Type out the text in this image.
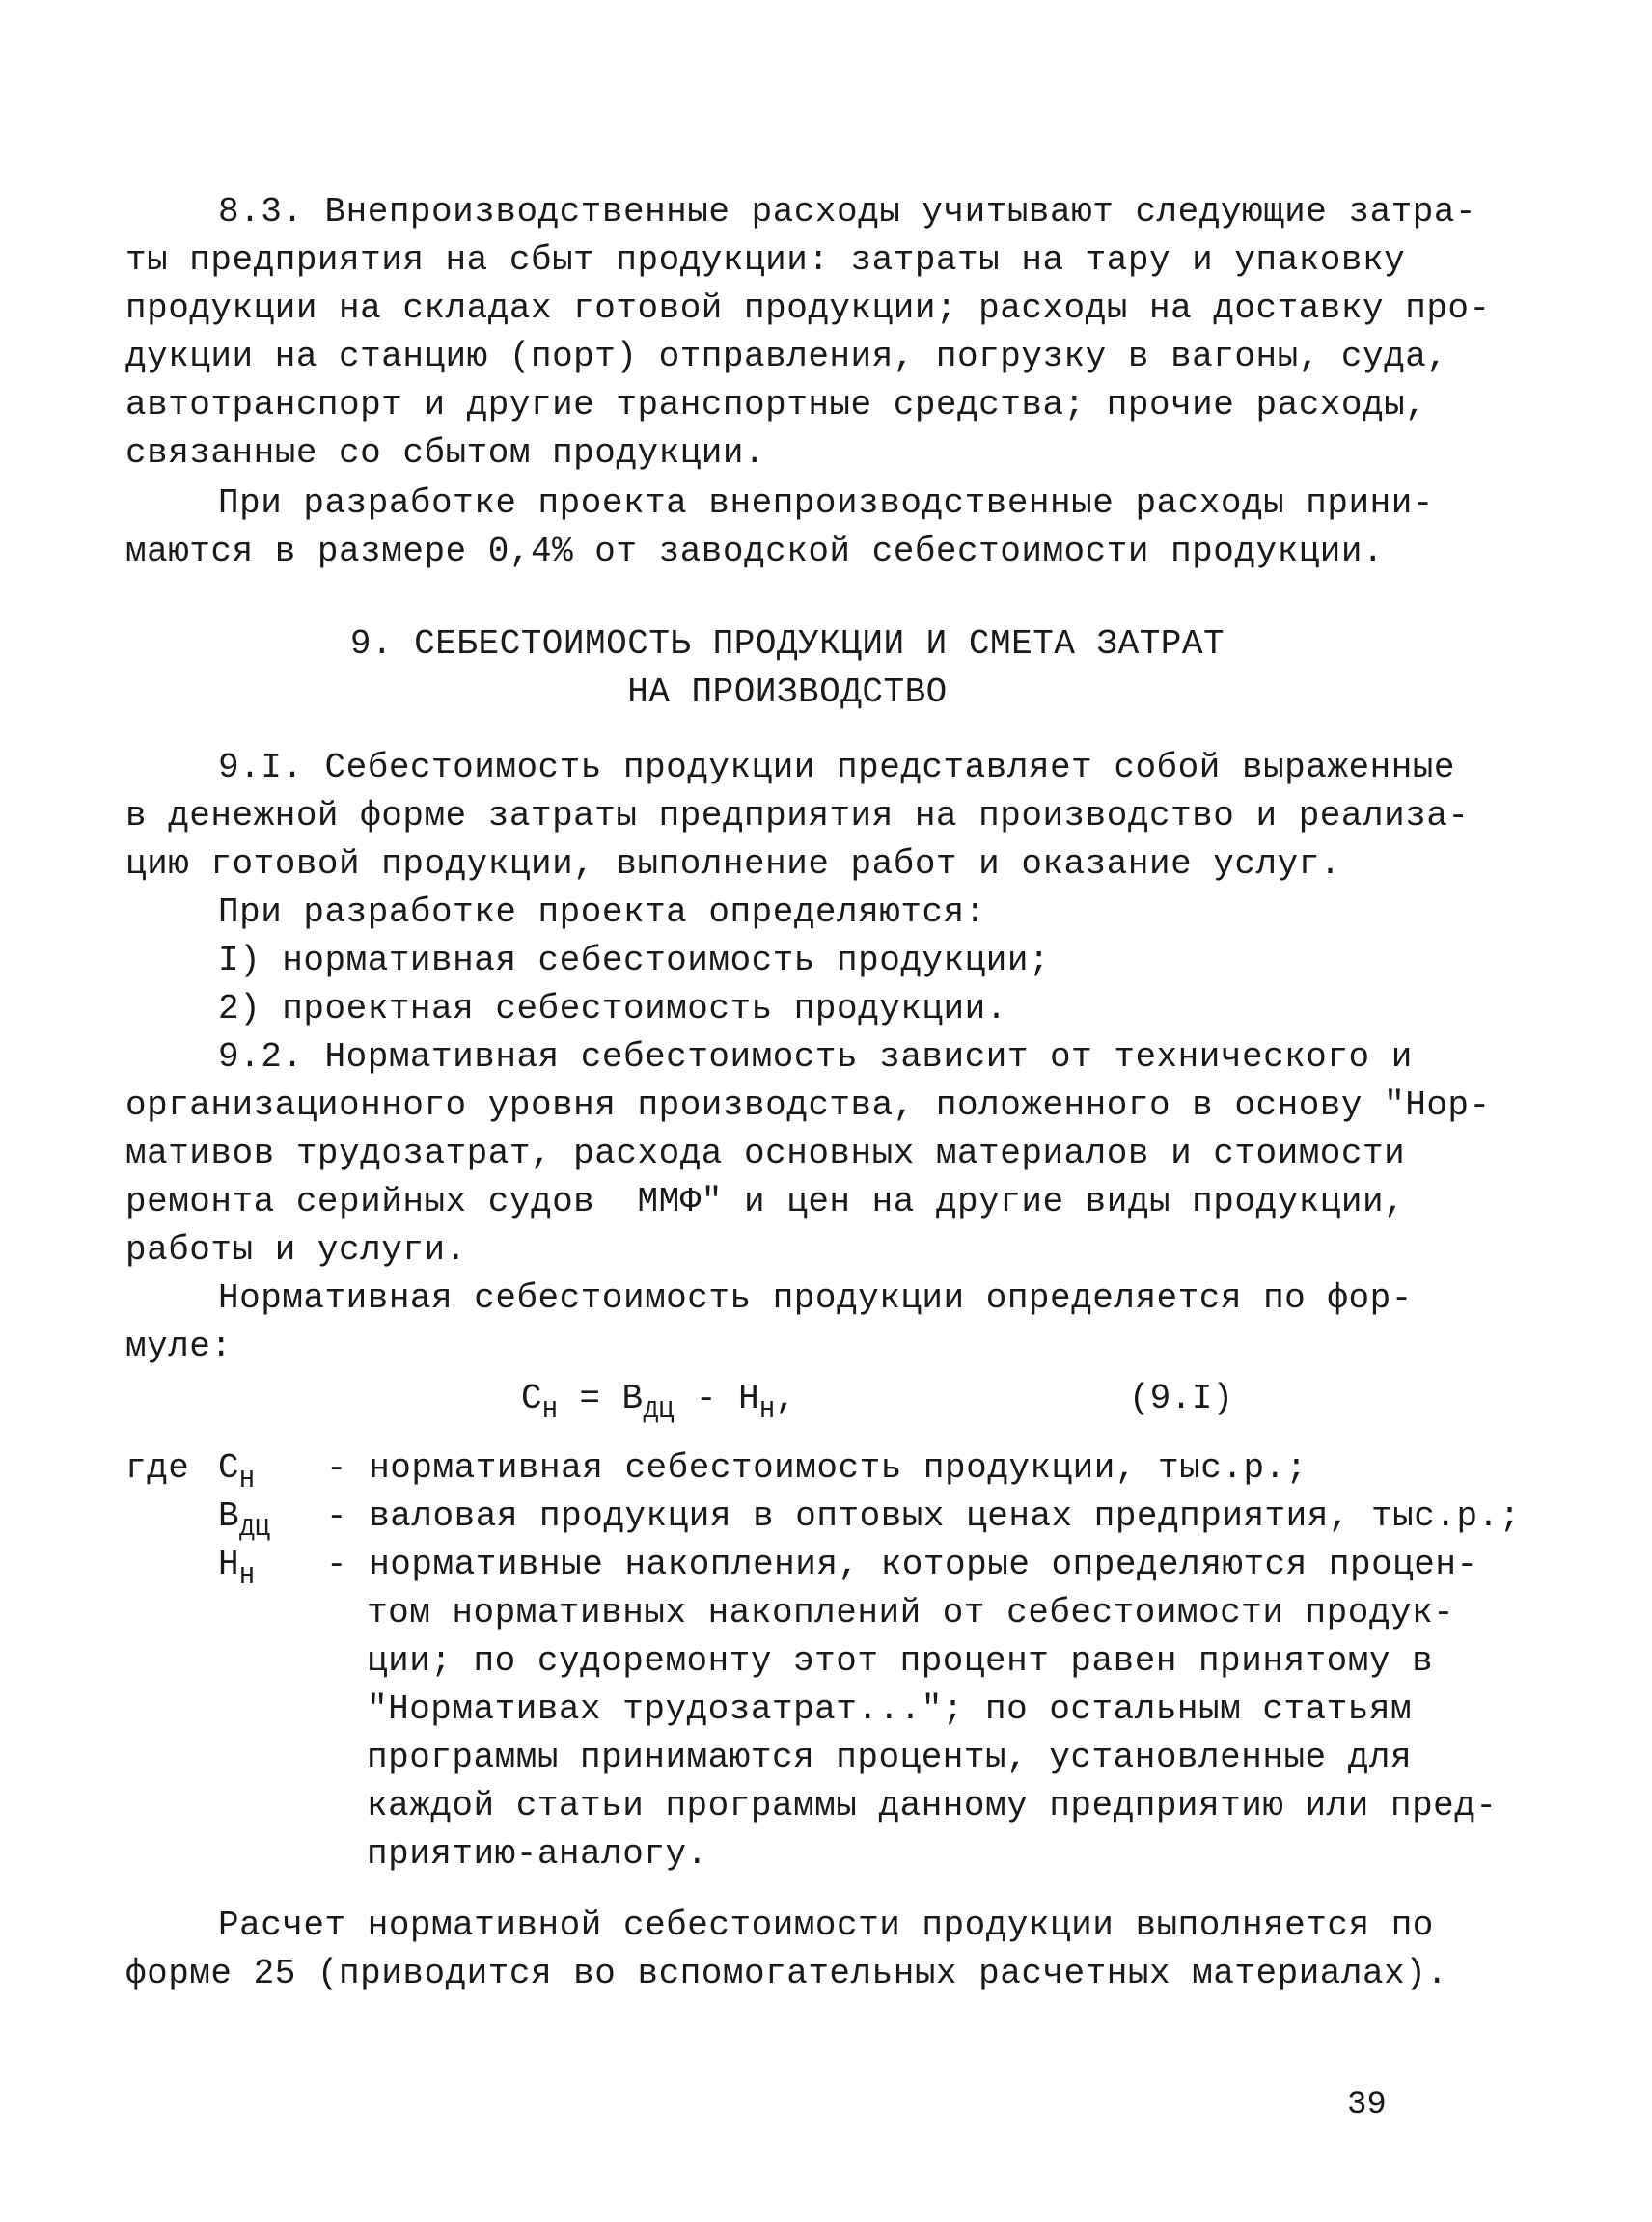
8.3. Внепроизводственные расходы учитывают следующие затра-
ты предприятия на сбыт продукции: затраты на тару и упаковку
продукции на складах готовой продукции; расходы на доставку про-
дукции на станцию (порт) отправления, погрузку в вагоны, суда,
автотранспорт и другие транспортные средства; прочие расходы,
связанные со сбытом продукции.
При разработке проекта внепроизводственные расходы прини-
маются в размере 0,4% от заводской себестоимости продукции.
9. СЕБЕСТОИМОСТЬ ПРОДУКЦИИ И СМЕТА ЗАТРАТ
НА ПРОИЗВОДСТВО
9.I. Себестоимость продукции представляет собой выраженные
в денежной форме затраты предприятия на производство и реализа-
цию готовой продукции, выполнение работ и оказание услуг.
При разработке проекта определяются:
I) нормативная себестоимость продукции;
2) проектная себестоимость продукции.
9.2. Нормативная себестоимость зависит от технического и
организационного уровня производства, положенного в основу "Нор-
мативов трудозатрат, расхода основных материалов и стоимости
ремонта серийных судов  ММФ" и цен на другие виды продукции,
работы и услуги.
Нормативная себестоимость продукции определяется по фор-
муле:
$C_Н = B_{ДЦ} - H_Н$,	(9.I)
где $C_Н$ - нормативная себестоимость продукции, тыс.р.;
$B_{ДЦ}$ - валовая продукция в оптовых ценах предприятия, тыс.р.;
$H_Н$ - нормативные накопления, которые определяются процен-
том нормативных накоплений от себестоимости продук-
ции; по судоремонту этот процент равен принятому в
"Нормативах трудозатрат..."; по остальным статьям
программы принимаются проценты, установленные для
каждой статьи программы данному предприятию или пред-
приятию-аналогу.
Расчет нормативной себестоимости продукции выполняется по
форме 25 (приводится во вспомогательных расчетных материалах).
39
